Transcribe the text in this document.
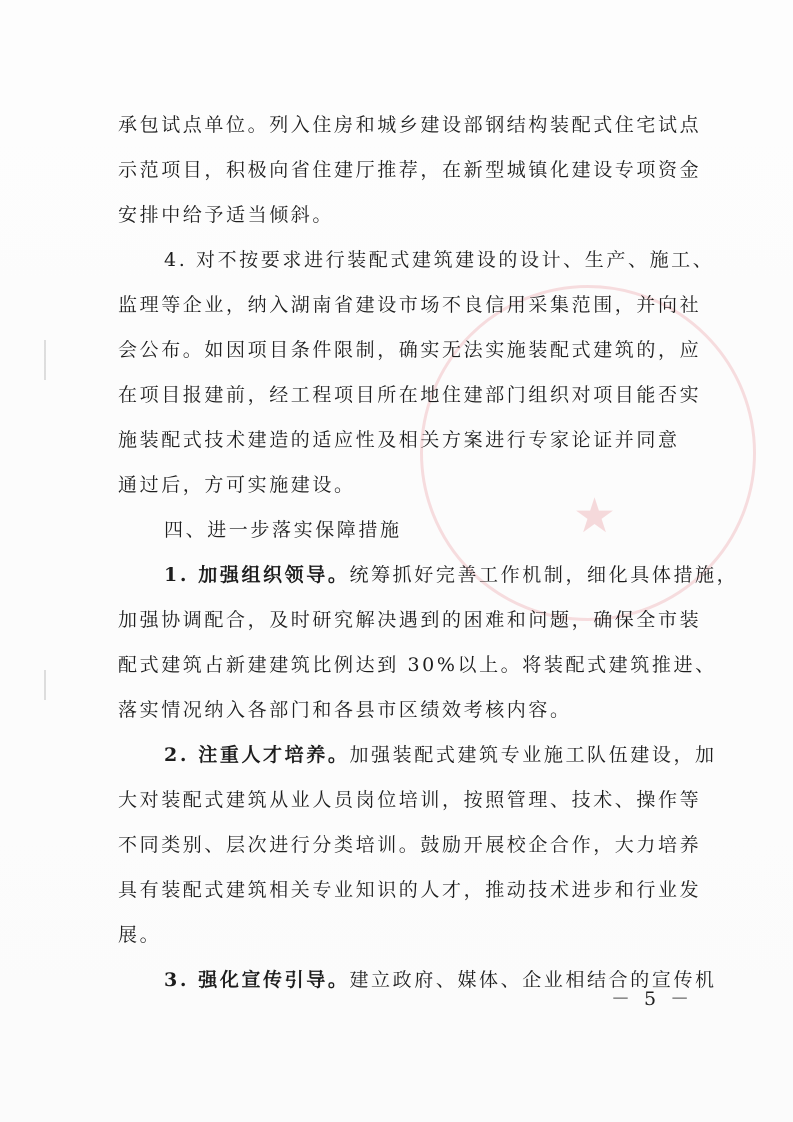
★

承包试点单位。列入住房和城乡建设部钢结构装配式住宅试点

示范项目，积极向省住建厅推荐，在新型城镇化建设专项资金

安排中给予适当倾斜。

4. 对不按要求进行装配式建筑建设的设计、生产、施工、

监理等企业，纳入湖南省建设市场不良信用采集范围，并向社

会公布。如因项目条件限制，确实无法实施装配式建筑的，应

在项目报建前，经工程项目所在地住建部门组织对项目能否实

施装配式技术建造的适应性及相关方案进行专家论证并同意

通过后，方可实施建设。

四、进一步落实保障措施

1. 加强组织领导。统筹抓好完善工作机制，细化具体措施，

加强协调配合，及时研究解决遇到的困难和问题，确保全市装

配式建筑占新建建筑比例达到 30%以上。将装配式建筑推进、

落实情况纳入各部门和各县市区绩效考核内容。

2. 注重人才培养。加强装配式建筑专业施工队伍建设，加

大对装配式建筑从业人员岗位培训，按照管理、技术、操作等

不同类别、层次进行分类培训。鼓励开展校企合作，大力培养

具有装配式建筑相关专业知识的人才，推动技术进步和行业发

展。

3. 强化宣传引导。建立政府、媒体、企业相结合的宣传机

－ 5 －
